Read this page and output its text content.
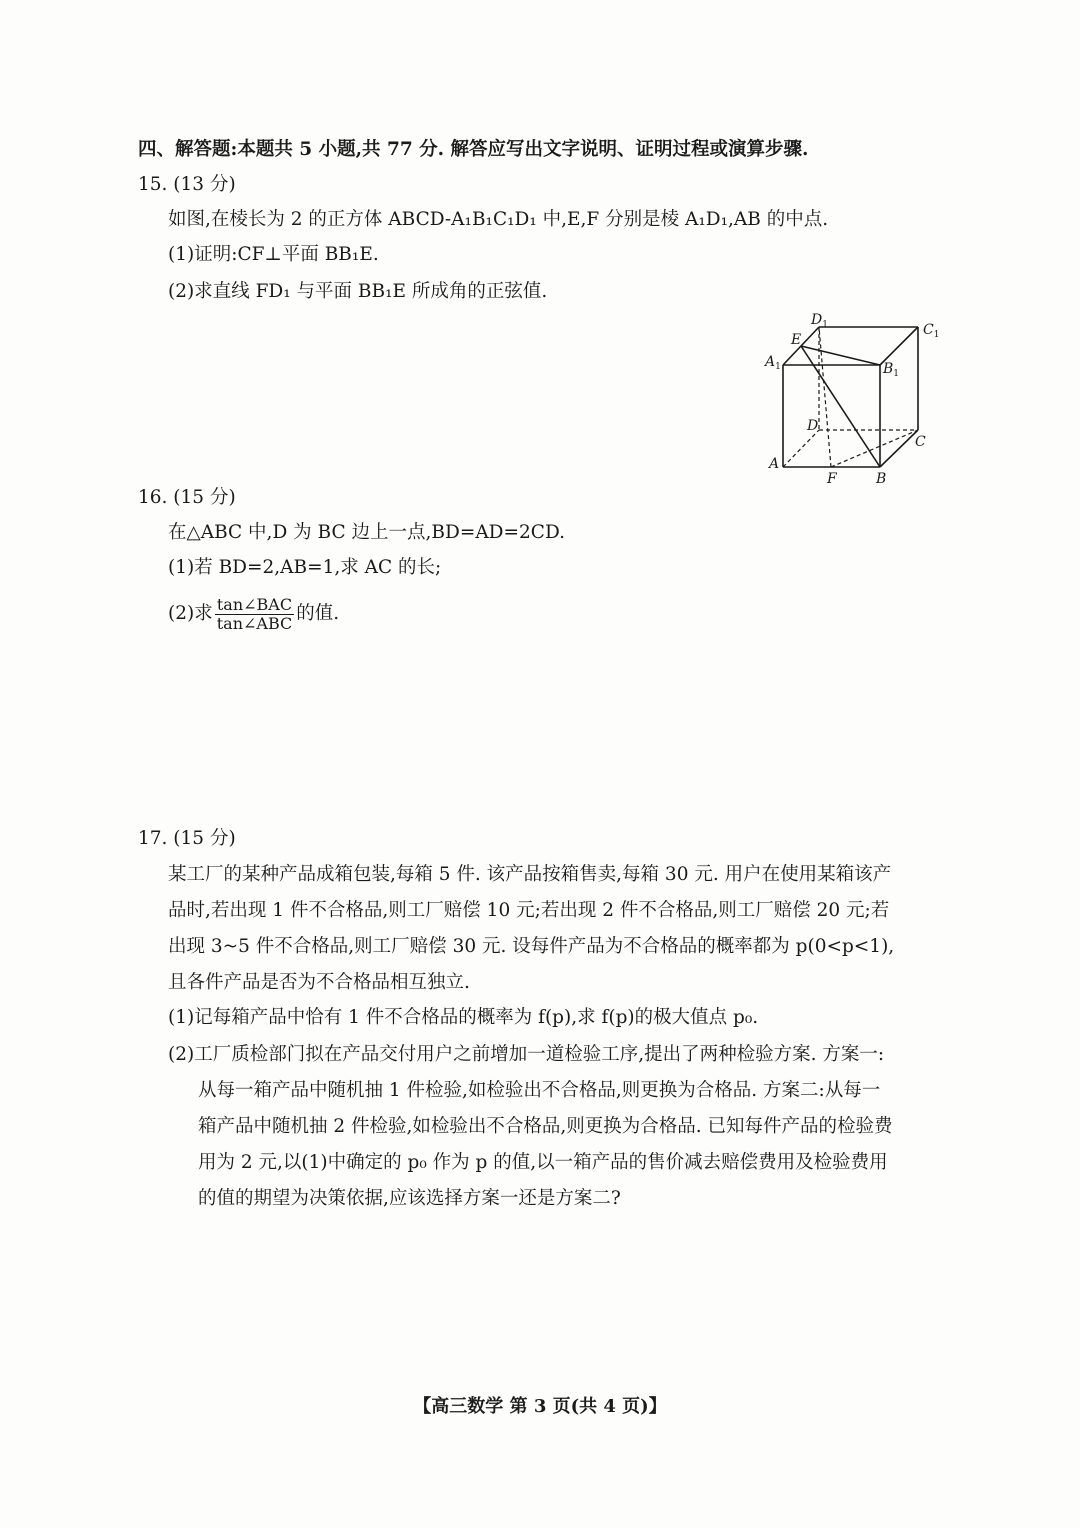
四、解答题:本题共 5 小题,共 77 分. 解答应写出文字说明、证明过程或演算步骤.
15. (13 分)
如图,在棱长为 2 的正方体 ABCD-A₁B₁C₁D₁ 中,E,F 分别是棱 A₁D₁,AB 的中点.
(1)证明:CF⊥平面 BB₁E.
(2)求直线 FD₁ 与平面 BB₁E 所成角的正弦值.
$D_1$	$C_1$
E
$A_1$	$B_1$
D
C
A
F	B
16. (15 分)
在△ABC 中,D 为 BC 边上一点,BD=AD=2CD.
(1)若 BD=2,AB=1,求 AC 的长;
(2)求 $\frac{\text{tan∠BAC}}{\text{tan∠ABC}}$ 的值.
17. (15 分)
某工厂的某种产品成箱包装,每箱 5 件. 该产品按箱售卖,每箱 30 元. 用户在使用某箱该产
品时,若出现 1 件不合格品,则工厂赔偿 10 元;若出现 2 件不合格品,则工厂赔偿 20 元;若
出现 3~5 件不合格品,则工厂赔偿 30 元. 设每件产品为不合格品的概率都为 p(0<p<1),
且各件产品是否为不合格品相互独立.
(1)记每箱产品中恰有 1 件不合格品的概率为 f(p),求 f(p)的极大值点 p₀.
(2)工厂质检部门拟在产品交付用户之前增加一道检验工序,提出了两种检验方案. 方案一:
从每一箱产品中随机抽 1 件检验,如检验出不合格品,则更换为合格品. 方案二:从每一
箱产品中随机抽 2 件检验,如检验出不合格品,则更换为合格品. 已知每件产品的检验费
用为 2 元,以(1)中确定的 p₀ 作为 p 的值,以一箱产品的售价减去赔偿费用及检验费用
的值的期望为决策依据,应该选择方案一还是方案二?
【高三数学 第 3 页(共 4 页)】
